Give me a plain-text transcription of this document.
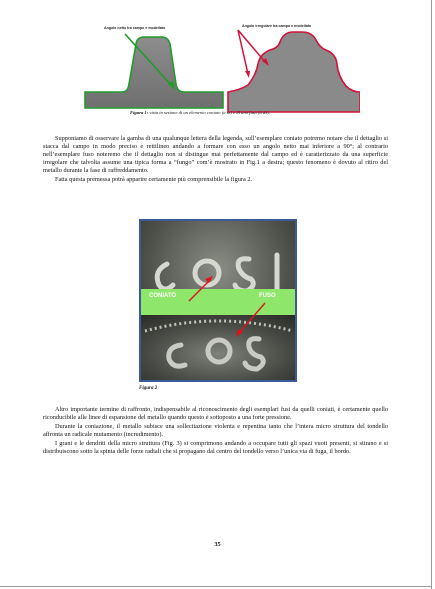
Angolo netto tra campo e modellato	Angolo irregolare tra campo e modellato
Figura 1: vista in sezione di un elemento coniato (a sx) e di uno fuso (a dx).

Supponiamo di osservare la gamba di una qualunque lettera della legenda, sull’esemplare coniato potremo notare che il dettaglio si stacca dal campo in modo preciso e rettilineo andando a formare con esso un angolo netto mai inferiore a 90°; al contrario nell’esemplare fuso noteremo che il dettaglio non si distingue mai perfettamente dal campo ed è caratterizzato da una superficie irregolare che talvolta assume una tipica forma a “fungo” com’è mostrato in Fig.1 a destra; questo fenomeno è dovuto al ritiro del metallo durante la fase di raffreddamento.

Fatta questa premessa potrà apparire certamente più comprensibile la figura 2.

CONIATO	FUSO
Figura 2

Altro importante termine di raffronto, indispensabile al riconoscimento degli esemplari fusi da quelli coniati, è certamente quello riconducibile alle linee di espansione del metallo quando questo è sottoposto a una forte pressione.

Durante la coniazione, il metallo subisce una sollecitazione violenta e repentina tanto che l’intera micro struttura del tondello affronta un radicale mutamento (incrudimento).

I grani e le dendriti della micro struttura (Fig. 3) si comprimono andando a occupare tutti gli spazi vuoti presenti, si stirano e si distribuiscono sotto la spinta delle forze radiali che si propagano dal centro del tondello verso l’unica via di fuga, il bordo.

35
